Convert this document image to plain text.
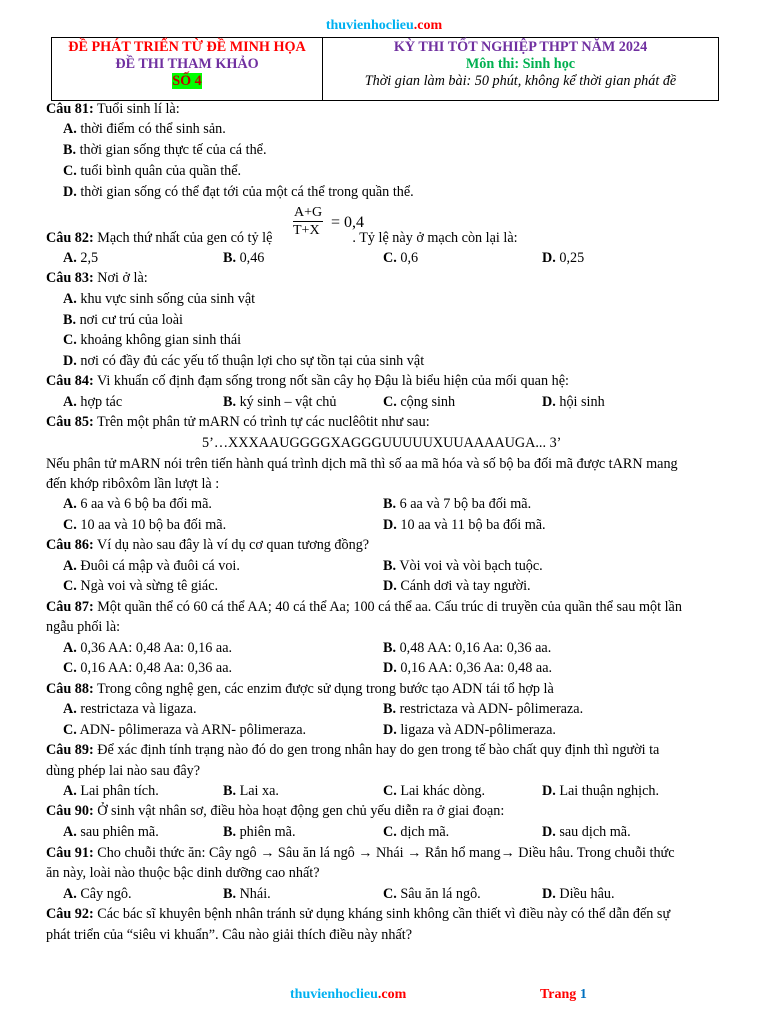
thuvienhoclieu.com
ĐỀ PHÁT TRIỂN TỪ ĐỀ MINH HỌA
ĐỀ THI THAM KHẢO
SỐ 4
KỲ THI TỐT NGHIỆP THPT NĂM 2024
Môn thi: Sinh học
Thời gian làm bài: 50 phút, không kể thời gian phát đề
Câu 81: Tuổi sinh lí là:
A. thời điểm có thể sinh sản.
B. thời gian sống thực tế của cá thể.
C. tuổi bình quân của quần thể.
D. thời gian sống có thể đạt tới của một cá thể trong quần thể.
$\frac{A+G}{T+X} = 0,4$
Câu 82: Mạch thứ nhất của gen có tỷ lệ	. Tỷ lệ này ở mạch còn lại là:
A. 2,5	B. 0,46	C. 0,6	D. 0,25
Câu 83: Nơi ở là:
A. khu vực sinh sống của sinh vật
B. nơi cư trú của loài
C. khoảng không gian sinh thái
D. nơi có đầy đủ các yếu tố thuận lợi cho sự tồn tại của sinh vật
Câu 84: Vi khuẩn cố định đạm sống trong nốt sần cây họ Đậu là biểu hiện của mối quan hệ:
A. hợp tác	B. ký sinh – vật chủ	C. cộng sinh	D. hội sinh
Câu 85: Trên một phân tử mARN có trình tự các nuclêôtit như sau:
5’…XXXAAUGGGGXAGGGUUUUUXUUAAAAUGA... 3’
Nếu phân tử mARN nói trên tiến hành quá trình dịch mã thì số aa mã hóa và số bộ ba đối mã được tARN mang
đến khớp ribôxôm lần lượt là :
A. 6 aa và 6 bộ ba đối mã.	B. 6 aa và 7 bộ ba đối mã.
C. 10 aa và 10 bộ ba đối mã.	D. 10 aa và 11 bộ ba đối mã.
Câu 86: Ví dụ nào sau đây là ví dụ cơ quan tương đồng?
A. Đuôi cá mập và đuôi cá voi.	B. Vòi voi và vòi bạch tuộc.
C. Ngà voi và sừng tê giác.	D. Cánh dơi và tay người.
Câu 87: Một quần thể có 60 cá thể AA; 40 cá thể Aa; 100 cá thể aa. Cấu trúc di truyền của quần thể sau một lần
ngẫu phối là:
A. 0,36 AA: 0,48 Aa: 0,16 aa.	B. 0,48 AA: 0,16 Aa: 0,36 aa.
C. 0,16 AA: 0,48 Aa: 0,36 aa.	D. 0,16 AA: 0,36 Aa: 0,48 aa.
Câu 88: Trong công nghệ gen, các enzim được sử dụng trong bước tạo ADN tái tổ hợp là
A. restrictaza và ligaza.	B. restrictaza và ADN- pôlimeraza.
C. ADN- pôlimeraza và ARN- pôlimeraza.	D. ligaza và ADN-pôlimeraza.
Câu 89: Để xác định tính trạng nào đó do gen trong nhân hay do gen trong tế bào chất quy định thì người ta
dùng phép lai nào sau đây?
A. Lai phân tích.	B. Lai xa.	C. Lai khác dòng.	D. Lai thuận nghịch.
Câu 90: Ở sinh vật nhân sơ, điều hòa hoạt động gen chủ yếu diễn ra ở giai đoạn:
A. sau phiên mã.	B. phiên mã.	C. dịch mã.	D. sau dịch mã.
Câu 91: Cho chuỗi thức ăn: Cây ngô → Sâu ăn lá ngô → Nhái → Rắn hổ mang→ Diều hâu. Trong chuỗi thức
ăn này, loài nào thuộc bậc dinh dưỡng cao nhất?
A. Cây ngô.	B. Nhái.	C. Sâu ăn lá ngô.	D. Diều hâu.
Câu 92: Các bác sĩ khuyên bệnh nhân tránh sử dụng kháng sinh không cần thiết vì điều này có thể dẫn đến sự
phát triển của “siêu vi khuẩn”. Câu nào giải thích điều này nhất?
thuvienhoclieu.com	Trang 1
